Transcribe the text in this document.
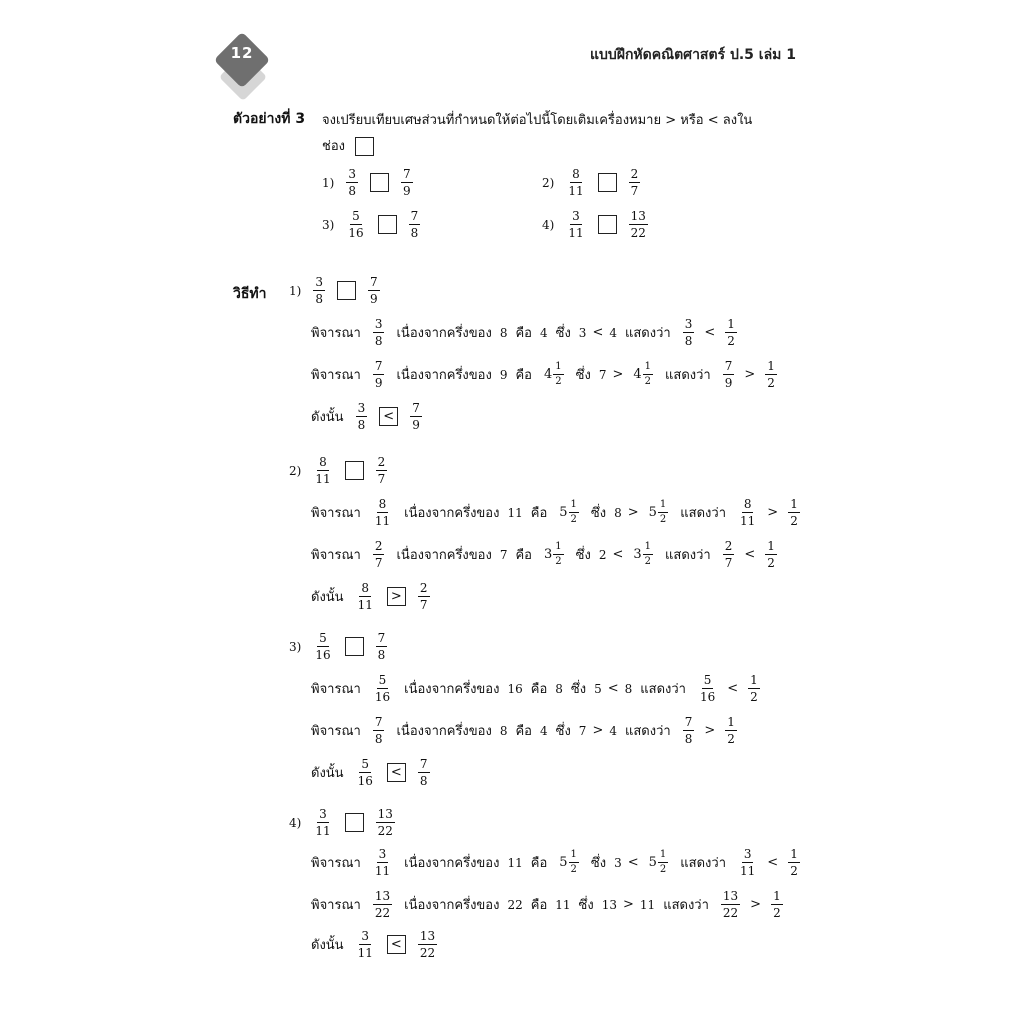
12	แบบฝึกหัดคณิตศาสตร์ ป.5 เล่ม 1
ตัวอย่างที่ 3 จงเปรียบเทียบเศษส่วนที่กำหนดให้ต่อไปนี้โดยเติมเครื่องหมาย > หรือ < ลงใน
ช่อง
$1) \frac{3}{8}$	$\frac{7}{9}$	$2) \frac{8}{11}$	$\frac{2}{7}$
$3) \frac{5}{16}$	$\frac{7}{8}$	$4) \frac{3}{11}$	$\frac{13}{22}$
วิธีทำ $1) \frac{3}{8}$	$\frac{7}{9}$
พิจารณา $\frac{3}{8}$ เนื่องจากครึ่งของ 8 คือ 4 ซึ่ง 3 < 4 แสดงว่า $\frac{3}{8} < \frac{1}{2}$
พิจารณา $\frac{7}{9}$ เนื่องจากครึ่งของ 9 คือ $4 \frac{1}{2}$ ซึ่ง $7 > 4 \frac{1}{2}$ แสดงว่า $\frac{7}{9} > \frac{1}{2}$
ดังนั้น $\frac{3}{8}$	<	$\frac{7}{9}$
$2) \frac{8}{11}$	$\frac{2}{7}$
พิจารณา $\frac{8}{11}$ เนื่องจากครึ่งของ 11 คือ $5 \frac{1}{2}$ ซึ่ง $8 > 5 \frac{1}{2}$ แสดงว่า $\frac{8}{11} > \frac{1}{2}$
พิจารณา $\frac{2}{7}$ เนื่องจากครึ่งของ 7 คือ $3 \frac{1}{2}$ ซึ่ง $2 < 3 \frac{1}{2}$ แสดงว่า $\frac{2}{7} < \frac{1}{2}$
ดังนั้น $\frac{8}{11}$	>	$\frac{2}{7}$
$3) \frac{5}{16}$	$\frac{7}{8}$
พิจารณา $\frac{5}{16}$ เนื่องจากครึ่งของ 16 คือ 8 ซึ่ง 5 < 8 แสดงว่า $\frac{5}{16} < \frac{1}{2}$
พิจารณา $\frac{7}{8}$ เนื่องจากครึ่งของ 8 คือ 4 ซึ่ง 7 > 4 แสดงว่า $\frac{7}{8} > \frac{1}{2}$
ดังนั้น $\frac{5}{16}$	<	$\frac{7}{8}$
$4) \frac{3}{11}$	$\frac{13}{22}$
พิจารณา $\frac{3}{11}$ เนื่องจากครึ่งของ 11 คือ $5 \frac{1}{2}$ ซึ่ง $3 < 5 \frac{1}{2}$ แสดงว่า $\frac{3}{11} < \frac{1}{2}$
พิจารณา $\frac{13}{22}$ เนื่องจากครึ่งของ 22 คือ 11 ซึ่ง 13 > 11 แสดงว่า $\frac{13}{22} > \frac{1}{2}$
ดังนั้น $\frac{3}{11}$	<	$\frac{13}{22}$
